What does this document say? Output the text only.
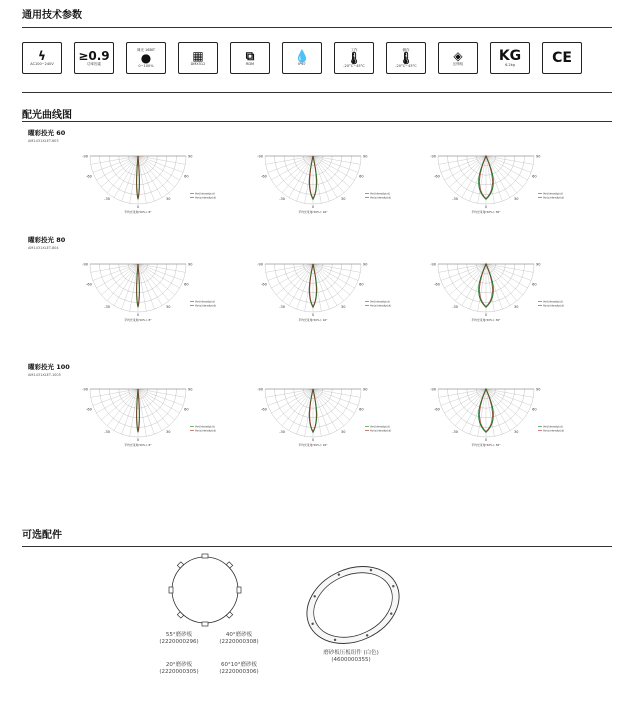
通用技术参数
ϟ
AC100~240V
≥0.9
功率因素
调光 16BIT
●
0~100%
▦
DMX512
⧉
RDM
💧
IP67
工作
🌡
-20°C~45°C
储存
🌡
-20°C~45°C
◈
压铸铝	KG
6.2kg	CE
配光曲线图
曜彩投光 60
AM1431XLET-603
曜彩投光 80
AM1431XLET-804
曜彩投光 100
AM1431XLET-1005
-90	90
-60	60
-30	30
0
平均光束角(50%): 8°
Vert.Intensity(cd)
Horiz.Intensity(cd)
-90	90
-60	60
-30	30
0
平均光束角(50%): 16°
Vert.Intensity(cd)
Horiz.Intensity(cd)
-90	90
-60	60
-30	30
0
平均光束角(50%): 36°
Vert.Intensity(cd)
Horiz.Intensity(cd)
-90	90
-60	60
-30	30
0
平均光束角(50%): 8°
Vert.Intensity(cd)
Horiz.Intensity(cd)
-90	90
-60	60
-30	30
0
平均光束角(50%): 16°
Vert.Intensity(cd)
Horiz.Intensity(cd)
-90	90
-60	60
-30	30
0
平均光束角(50%): 36°
Vert.Intensity(cd)
Horiz.Intensity(cd)
-90	90
-60	60
-30	30
0
平均光束角(50%): 8°
Vert.Intensity(cd)
Horiz.Intensity(cd)
-90	90
-60	60
-30	30
0
平均光束角(50%): 16°
Vert.Intensity(cd)
Horiz.Intensity(cd)
-90	90
-60	60
-30	30
0
平均光束角(50%): 36°
Vert.Intensity(cd)
Horiz.Intensity(cd)
可选配件
55°磨砂板
(2220000296)
40°磨砂板
(2220000308)
20°磨砂板
(2220000305)
60°10°磨砂板
(2220000306)
磨砂板压板组件 (白色)
(4600000355)
